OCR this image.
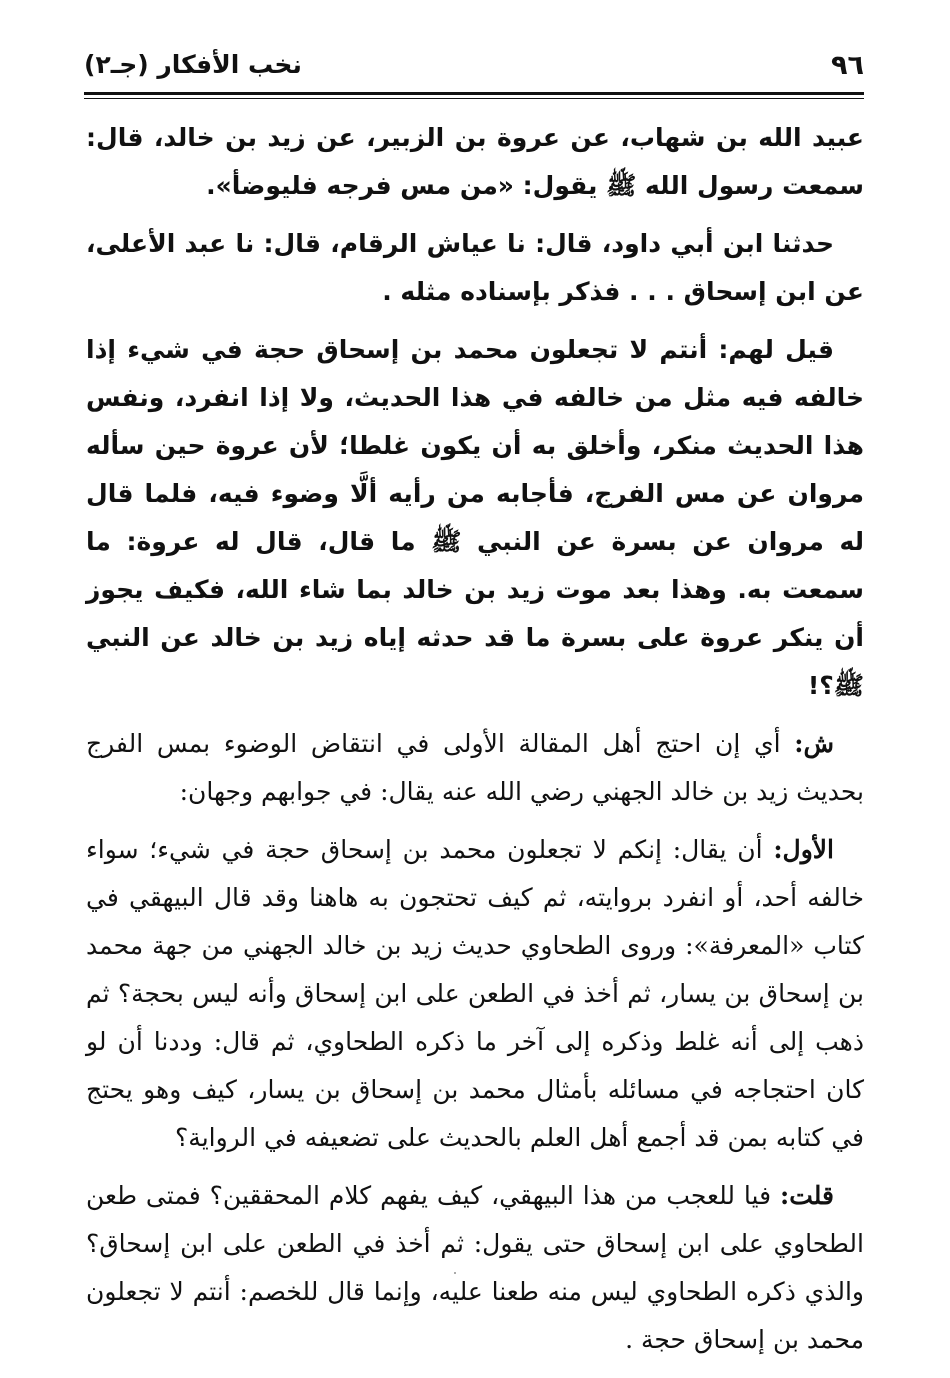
٩٦
نخب الأفكار (جـ٢)

عبيد الله بن شهاب، عن عروة بن الزبير، عن زيد بن خالد، قال: سمعت رسول الله ﷺ يقول: «من مس فرجه فليوضأ».

حدثنا ابن أبي داود، قال: نا عياش الرقام، قال: نا عبد الأعلى، عن ابن إسحاق . . . فذكر بإسناده مثله .

قيل لهم: أنتم لا تجعلون محمد بن إسحاق حجة في شيء إذا خالفه فيه مثل من خالفه في هذا الحديث، ولا إذا انفرد، ونفس هذا الحديث منكر، وأخلق به أن يكون غلطا؛ لأن عروة حين سأله مروان عن مس الفرج، فأجابه من رأيه ألَّا وضوء فيه، فلما قال له مروان عن بسرة عن النبي ﷺ ما قال، قال له عروة: ما سمعت به. وهذا بعد موت زيد بن خالد بما شاء الله، فكيف يجوز أن ينكر عروة على بسرة ما قد حدثه إياه زيد بن خالد عن النبي ﷺ؟!

ش: أي إن احتج أهل المقالة الأولى في انتقاض الوضوء بمس الفرج بحديث زيد بن خالد الجهني رضي الله عنه يقال: في جوابهم وجهان:

الأول: أن يقال: إنكم لا تجعلون محمد بن إسحاق حجة في شيء؛ سواء خالفه أحد، أو انفرد بروايته، ثم كيف تحتجون به هاهنا وقد قال البيهقي في كتاب «المعرفة»: وروى الطحاوي حديث زيد بن خالد الجهني من جهة محمد بن إسحاق بن يسار، ثم أخذ في الطعن على ابن إسحاق وأنه ليس بحجة؟ ثم ذهب إلى أنه غلط وذكره إلى آخر ما ذكره الطحاوي، ثم قال: وددنا أن لو كان احتجاجه في مسائله بأمثال محمد بن إسحاق بن يسار، كيف وهو يحتج في كتابه بمن قد أجمع أهل العلم بالحديث على تضعيفه في الرواية؟

قلت: فيا للعجب من هذا البيهقي، كيف يفهم كلام المحققين؟ فمتى طعن الطحاوي على ابن إسحاق حتى يقول: ثم أخذ في الطعن على ابن إسحاق؟ والذي ذكره الطحاوي ليس منه طعنا عليه، وإنما قال للخصم: أنتم لا تجعلون محمد بن إسحاق حجة .
